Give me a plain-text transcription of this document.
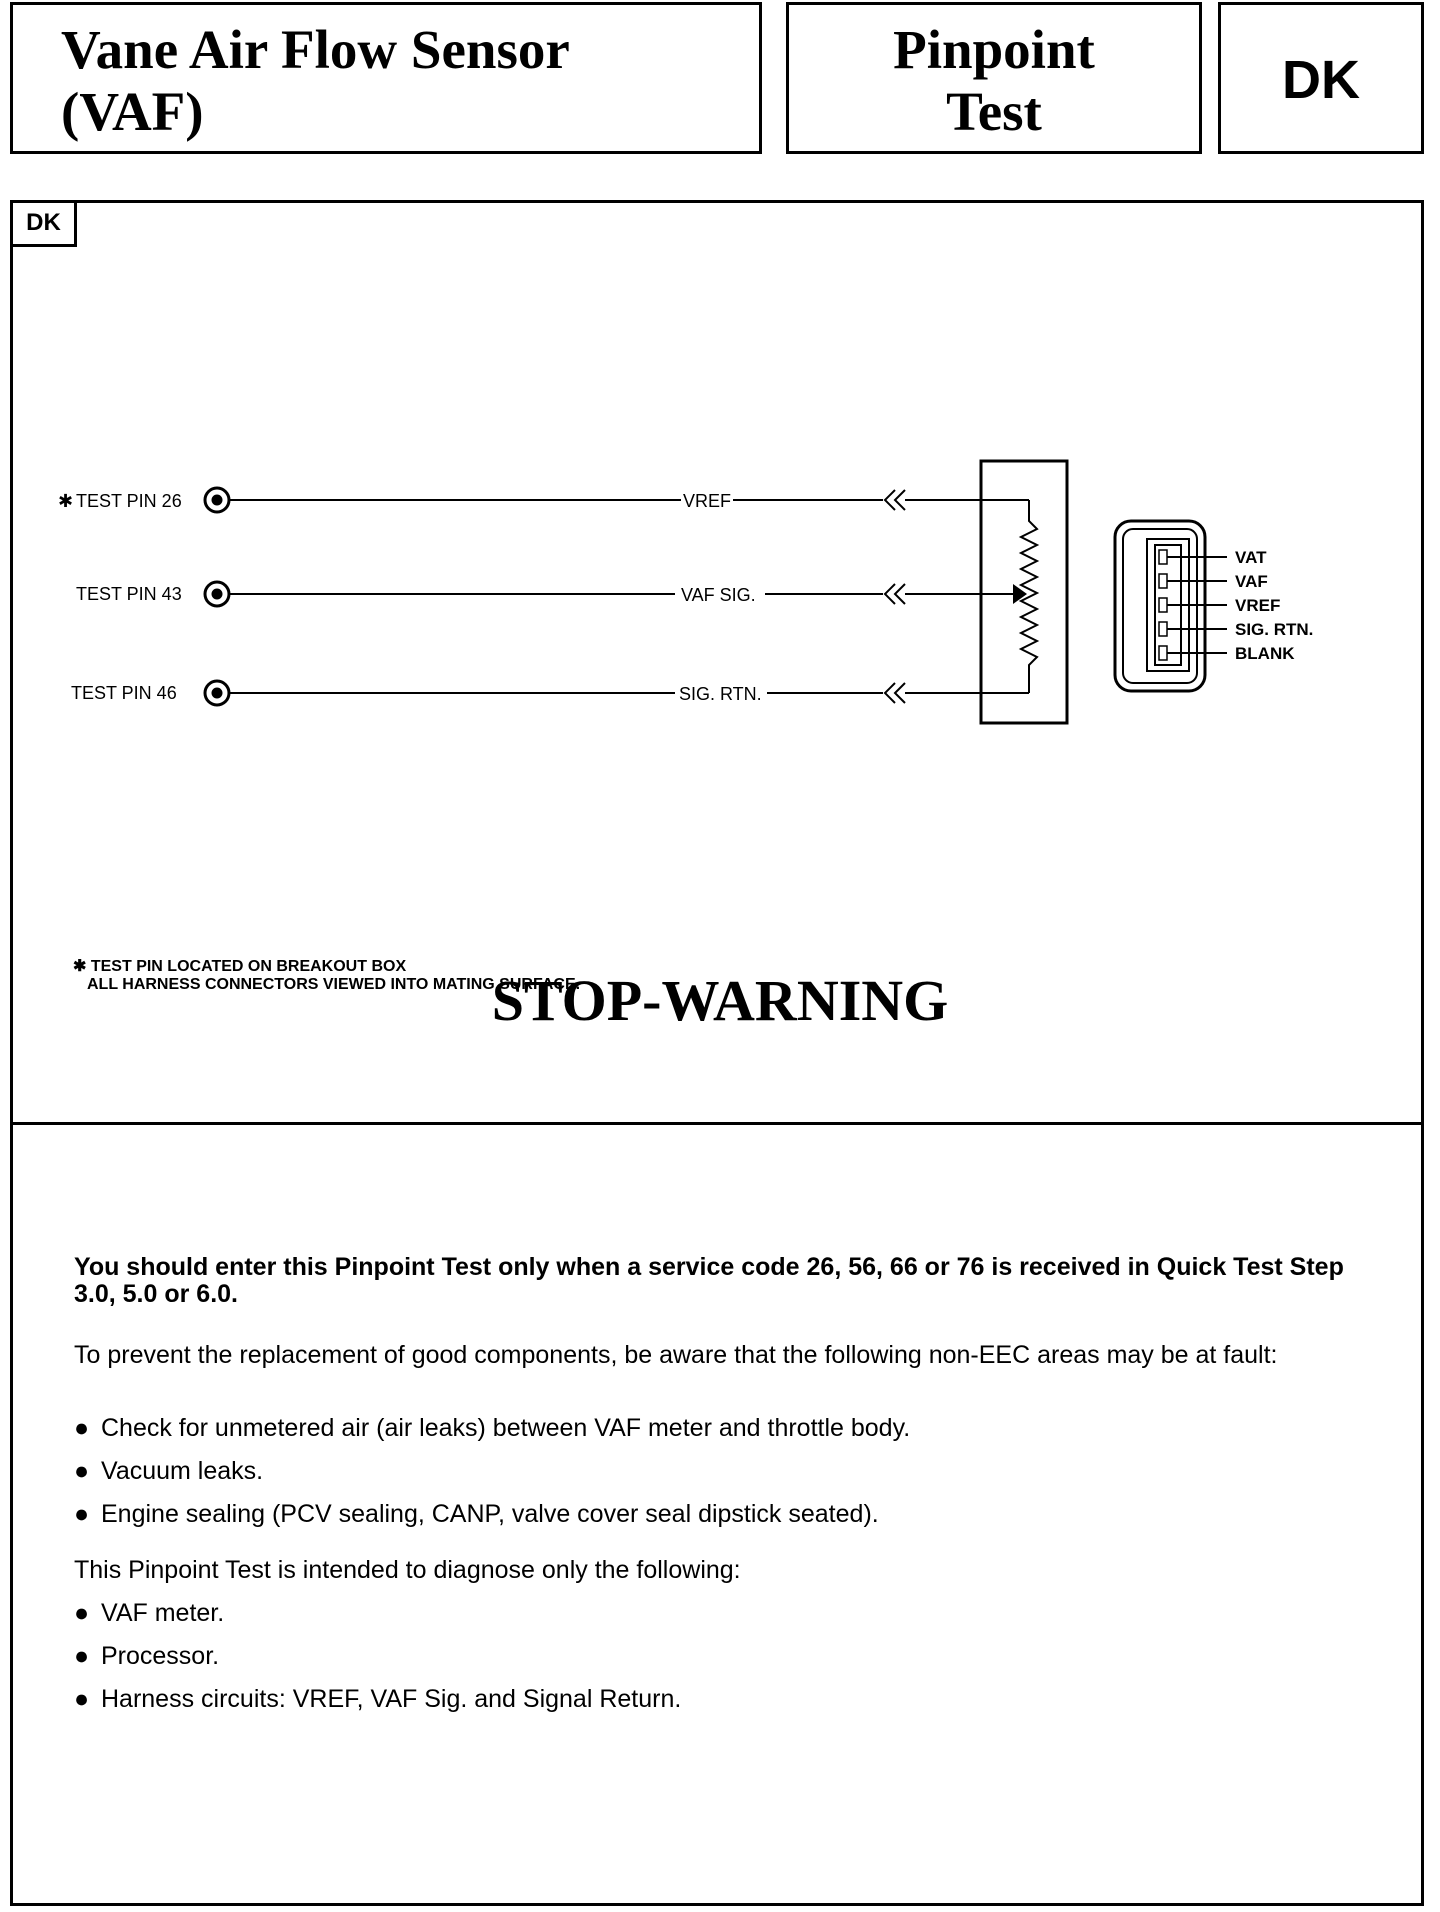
Vane Air Flow Sensor
(VAF)
Pinpoint
Test
DK
DK
✱ TEST PIN 26
TEST PIN 43
TEST PIN 46
VREF
VAF SIG.
SIG. RTN.
VAT
VAF
VREF
SIG. RTN.
BLANK
✱ TEST PIN LOCATED ON BREAKOUT BOX
ALL HARNESS CONNECTORS VIEWED INTO MATING SURFACE.
STOP-WARNING
You should enter this Pinpoint Test only when a service code 26, 56, 66 or 76 is received in Quick Test Step 3.0, 5.0 or 6.0.
To prevent the replacement of good components, be aware that the following non-EEC areas may be at fault:
● Check for unmetered air (air leaks) between VAF meter and throttle body.
● Vacuum leaks.
● Engine sealing (PCV sealing, CANP, valve cover seal dipstick seated).
This Pinpoint Test is intended to diagnose only the following:
● VAF meter.
● Processor.
● Harness circuits: VREF, VAF Sig. and Signal Return.
